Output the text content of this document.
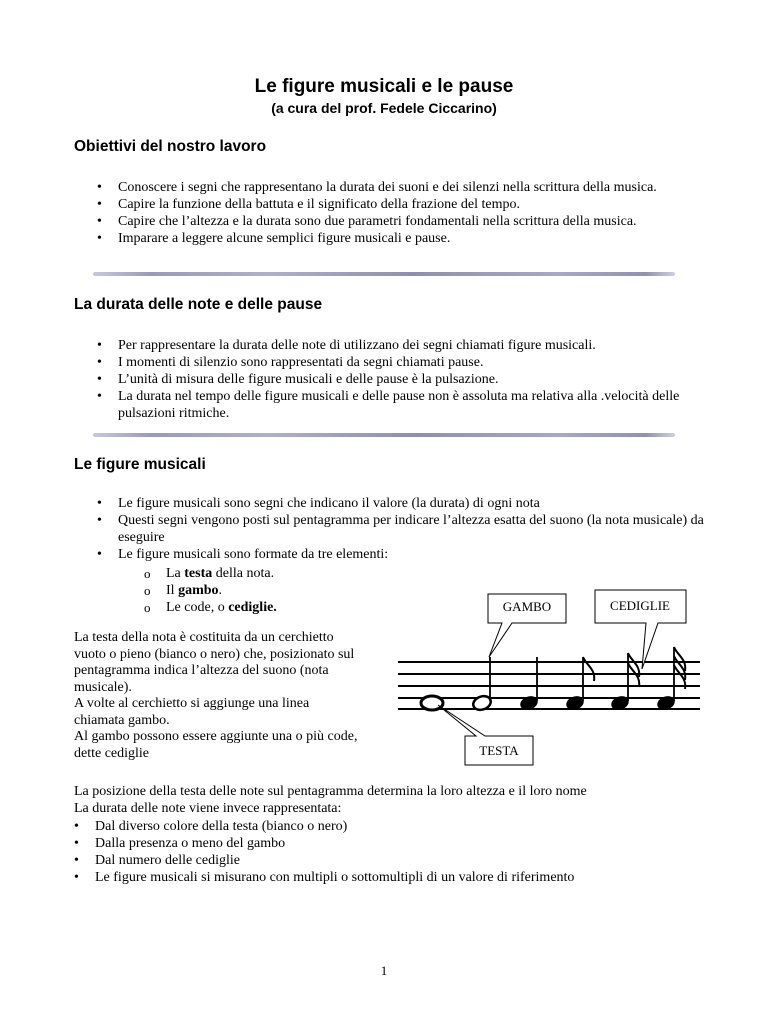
Le figure musicali e le pause
(a cura del prof. Fedele Ciccarino)
Obiettivi del nostro lavoro
• Conoscere i segni che rappresentano la durata dei suoni e dei silenzi nella scrittura della musica.
• Capire la funzione della battuta e il significato della frazione del tempo.
• Capire che l’altezza e la durata sono due parametri fondamentali nella scrittura della musica.
• Imparare a leggere alcune semplici figure musicali e pause.
La durata delle note e delle pause
• Per rappresentare la durata delle note di utilizzano dei segni chiamati figure musicali.
• I momenti di silenzio sono rappresentati da segni chiamati pause.
• L’unità di misura delle figure musicali e delle pause è la pulsazione.
• La durata nel tempo delle figure musicali e delle pause non è assoluta ma relativa alla .velocità delle pulsazioni ritmiche.
Le figure musicali
• Le figure musicali sono segni che indicano il valore (la durata) di ogni nota
• Questi segni vengono posti sul pentagramma per indicare l’altezza esatta del suono (la nota musicale) da eseguire
• Le figure musicali sono formate da tre elementi:
o La testa della nota.
o Il gambo.
o Le code, o cediglie.
La testa della nota è costituita da un cerchietto
vuoto o pieno (bianco o nero) che, posizionato sul
pentagramma indica l’altezza del suono (nota
musicale).
A volte al cerchietto si aggiunge una linea
chiamata gambo.
Al gambo possono essere aggiunte una o più code,
dette cediglie
GAMBO	CEDIGLIE
TESTA
La posizione della testa delle note sul pentagramma determina la loro altezza e il loro nome
La durata delle note viene invece rappresentata:
• Dal diverso colore della testa (bianco o nero)
• Dalla presenza o meno del gambo
• Dal numero delle cediglie
• Le figure musicali si misurano con multipli o sottomultipli di un valore di riferimento
1
